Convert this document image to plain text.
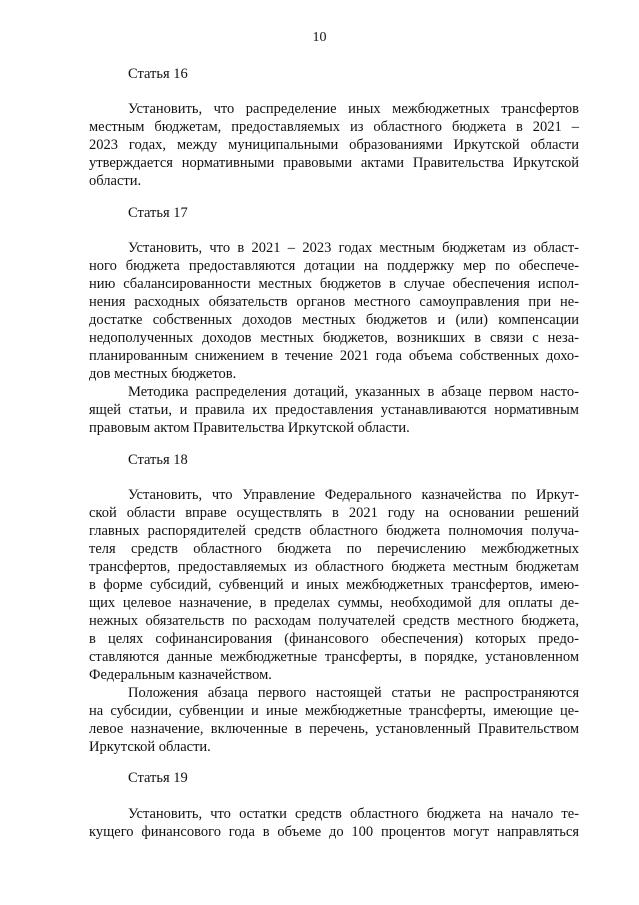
10
Статья 16
Установить, что распределение иных межбюджетных трансфертов
местным бюджетам, предоставляемых из областного бюджета в 2021 –
2023 годах, между муниципальными образованиями Иркутской области
утверждается нормативными правовыми актами Правительства Иркутской
области.
Статья 17
Установить, что в 2021 – 2023 годах местным бюджетам из област-
ного бюджета предоставляются дотации на поддержку мер по обеспече-
нию сбалансированности местных бюджетов в случае обеспечения испол-
нения расходных обязательств органов местного самоуправления при не-
достатке собственных доходов местных бюджетов и (или) компенсации
недополученных доходов местных бюджетов, возникших в связи с неза-
планированным снижением в течение 2021 года объема собственных дохо-
дов местных бюджетов.
Методика распределения дотаций, указанных в абзаце первом насто-
ящей статьи, и правила их предоставления устанавливаются нормативным
правовым актом Правительства Иркутской области.
Статья 18
Установить, что Управление Федерального казначейства по Иркут-
ской области вправе осуществлять в 2021 году на основании решений
главных распорядителей средств областного бюджета полномочия получа-
теля средств областного бюджета по перечислению межбюджетных
трансфертов, предоставляемых из областного бюджета местным бюджетам
в форме субсидий, субвенций и иных межбюджетных трансфертов, имею-
щих целевое назначение, в пределах суммы, необходимой для оплаты де-
нежных обязательств по расходам получателей средств местного бюджета,
в целях софинансирования (финансового обеспечения) которых предо-
ставляются данные межбюджетные трансферты, в порядке, установленном
Федеральным казначейством.
Положения абзаца первого настоящей статьи не распространяются
на субсидии, субвенции и иные межбюджетные трансферты, имеющие це-
левое назначение, включенные в перечень, установленный Правительством
Иркутской области.
Статья 19
Установить, что остатки средств областного бюджета на начало те-
кущего финансового года в объеме до 100 процентов могут направляться
